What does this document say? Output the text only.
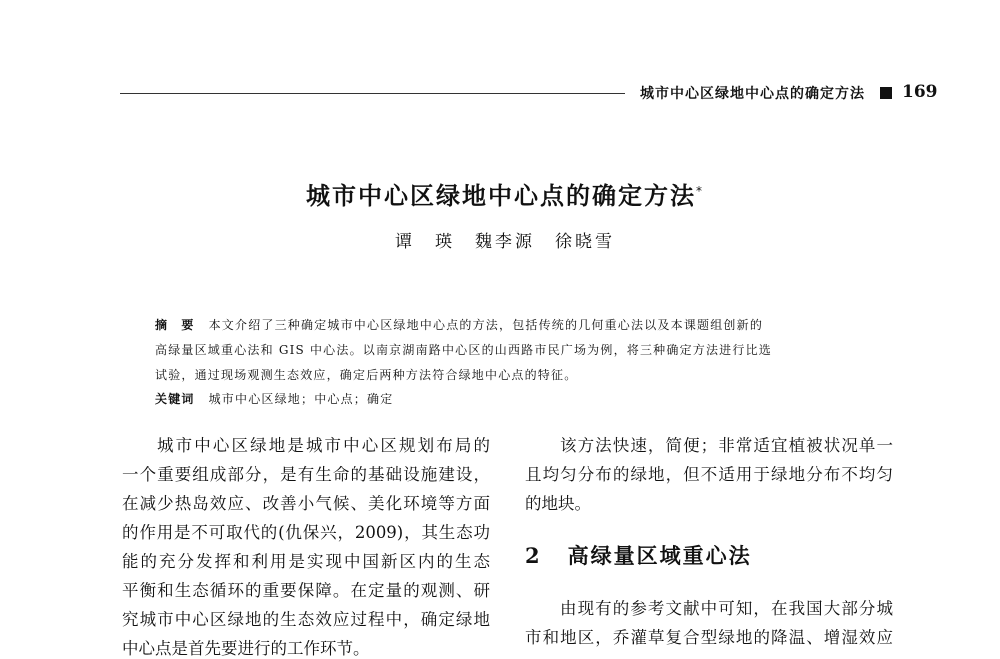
城市中心区绿地中心点的确定方法 169
城市中心区绿地中心点的确定方法*
谭　瑛　魏李源　徐晓雪
摘　要 本文介绍了三种确定城市中心区绿地中心点的方法，包括传统的几何重心法以及本课题组创新的
高绿量区域重心法和 GIS 中心法。以南京湖南路中心区的山西路市民广场为例，将三种确定方法进行比选
试验，通过现场观测生态效应，确定后两种方法符合绿地中心点的特征。
关键词 城市中心区绿地；中心点；确定
城市中心区绿地是城市中心区规划布局的
一个重要组成部分，是有生命的基础设施建设，
在减少热岛效应、改善小气候、美化环境等方面
的作用是不可取代的(仇保兴，2009)，其生态功
能的充分发挥和利用是实现中国新区内的生态
平衡和生态循环的重要保障。在定量的观测、研
究城市中心区绿地的生态效应过程中，确定绿地
中心点是首先要进行的工作环节。
该方法快速，简便；非常适宜植被状况单一
且均匀分布的绿地，但不适用于绿地分布不均匀
的地块。
2 高绿量区域重心法
由现有的参考文献中可知，在我国大部分城
市和地区，乔灌草复合型绿地的降温、增湿效应
